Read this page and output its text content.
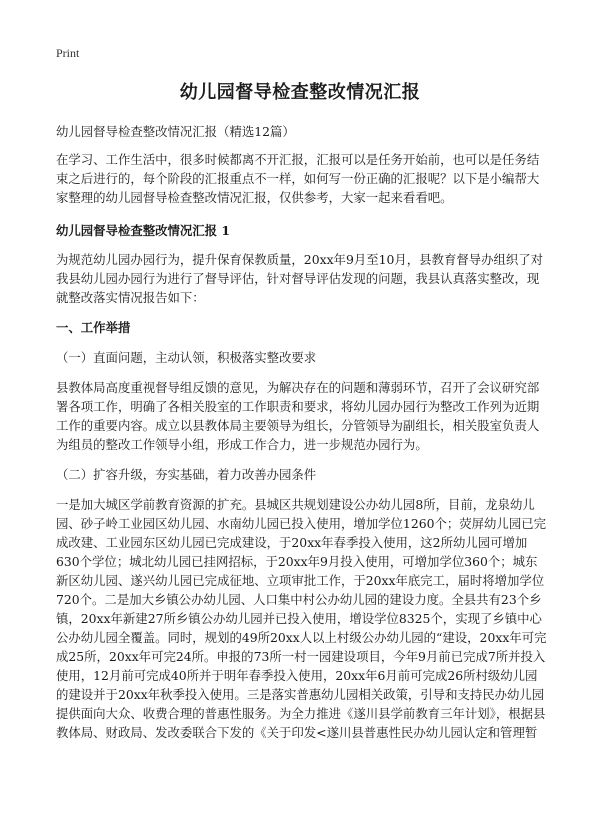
Print
幼儿园督导检查整改情况汇报

幼儿园督导检查整改情况汇报（精选12篇）

在学习、工作生活中，很多时候都离不开汇报，汇报可以是任务开始前，也可以是任务结束之后进行的，每个阶段的汇报重点不一样，如何写一份正确的汇报呢？以下是小编帮大家整理的幼儿园督导检查整改情况汇报，仅供参考，大家一起来看看吧。

幼儿园督导检查整改情况汇报 1

为规范幼儿园办园行为，提升保育保教质量，20xx年9月至10月，县教育督导办组织了对我县幼儿园办园行为进行了督导评估，针对督导评估发现的问题，我县认真落实整改，现就整改落实情况报告如下：

一、工作举措

（一）直面问题，主动认领，积极落实整改要求

县教体局高度重视督导组反馈的意见，为解决存在的问题和薄弱环节，召开了会议研究部署各项工作，明确了各相关股室的工作职责和要求，将幼儿园办园行为整改工作列为近期工作的重要内容。成立以县教体局主要领导为组长，分管领导为副组长，相关股室负责人为组员的整改工作领导小组，形成工作合力，进一步规范办园行为。

（二）扩容升级，夯实基础，着力改善办园条件

一是加大城区学前教育资源的扩充。县城区共规划建设公办幼儿园8所，目前，龙泉幼儿园、砂子岭工业园区幼儿园、水南幼儿园已投入使用，增加学位1260个；荧屏幼儿园已完成改建、工业园东区幼儿园已完成建设，于20xx年春季投入使用，这2所幼儿园可增加630个学位；城北幼儿园已挂网招标，于20xx年9月投入使用，可增加学位360个；城东新区幼儿园、遂兴幼儿园已完成征地、立项审批工作，于20xx年底完工，届时将增加学位720个。二是加大乡镇公办幼儿园、人口集中村公办幼儿园的建设力度。全县共有23个乡镇，20xx年新建27所乡镇公办幼儿园并已投入使用，增设学位8325个，实现了乡镇中心公办幼儿园全覆盖。同时，规划的49所20xx人以上村级公办幼儿园的“建设，20xx年可完成25所，20xx年可完24所。申报的73所一村一园建设项目，今年9月前已完成7所并投入使用，12月前可完成40所并于明年春季投入使用，20xx年6月前可完成26所村级幼儿园的建设并于20xx年秋季投入使用。三是落实普惠幼儿园相关政策，引导和支持民办幼儿园提供面向大众、收费合理的普惠性服务。为全力推进《遂川县学前教育三年计划》，根据县教体局、财政局、发改委联合下发的《关于印发<遂川县普惠性民办幼儿园认定和管理暂
